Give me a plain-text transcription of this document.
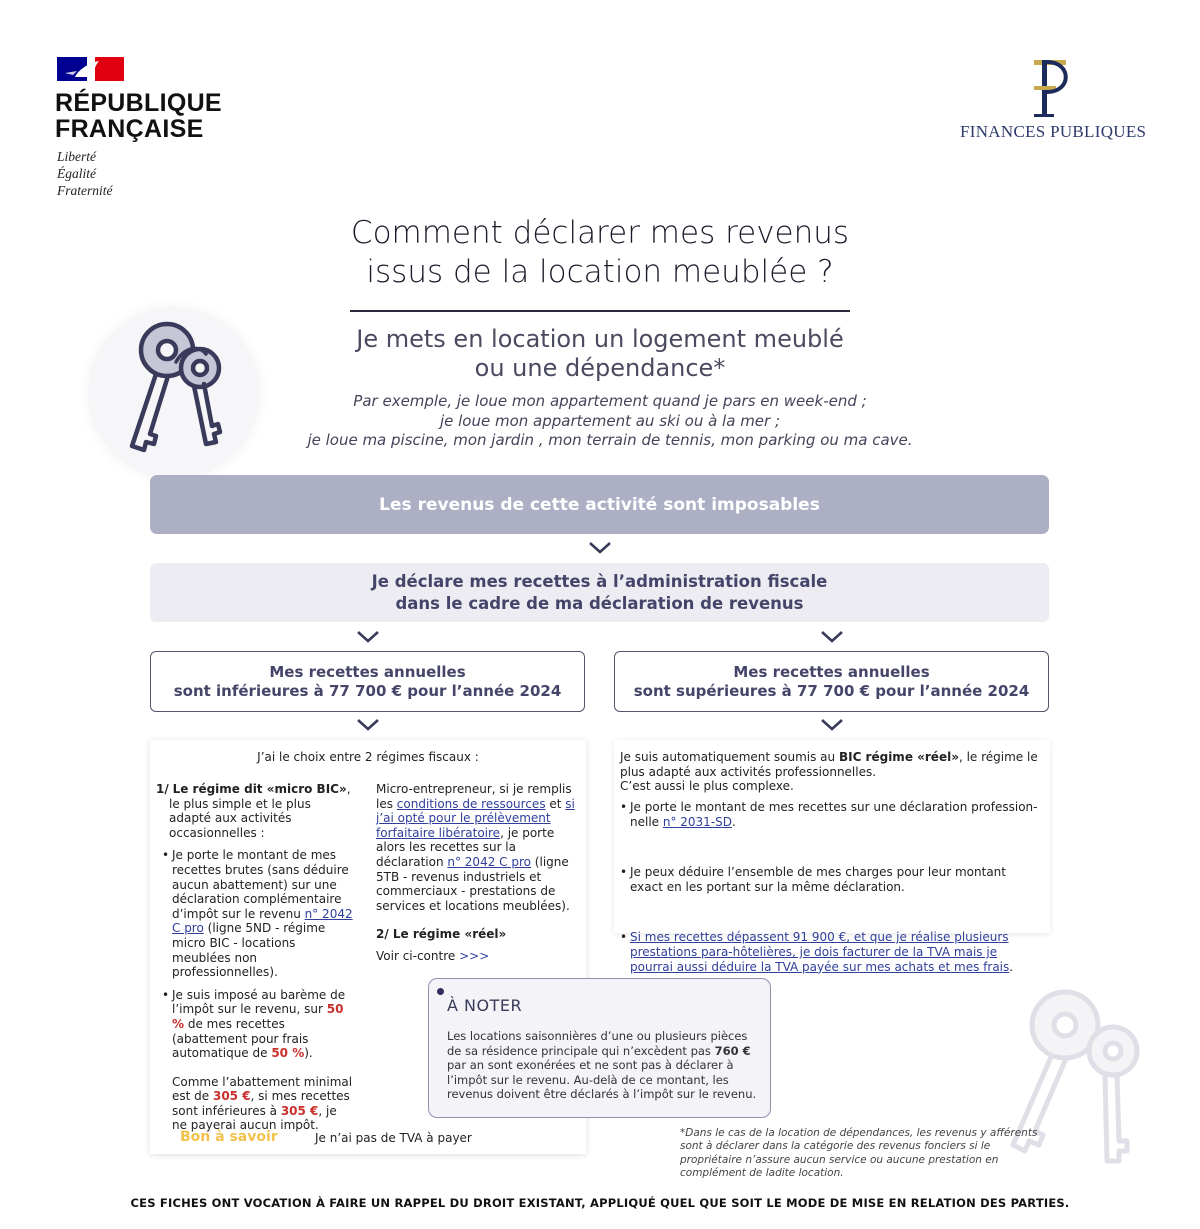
RÉPUBLIQUE
FRANÇAISE
Liberté
Égalité
Fraternité
FINANCES PUBLIQUES
Comment déclarer mes revenus
issus de la location meublée ?
Je mets en location un logement meublé
ou une dépendance*
Par exemple, je loue mon appartement quand je pars en week-end ;
je loue mon appartement au ski ou à la mer ;
je loue ma piscine, mon jardin , mon terrain de tennis, mon parking ou ma cave.
Les revenus de cette activité sont imposables
Je déclare mes recettes à l’administration fiscale
dans le cadre de ma déclaration de revenus
Mes recettes annuelles
sont inférieures à 77 700 € pour l’année 2024
Mes recettes annuelles
sont supérieures à 77 700 € pour l’année 2024
J’ai le choix entre 2 régimes fiscaux :
1/ Le régime dit «micro BIC», le plus simple et le plus adapté aux activités occasionnelles :
• Je porte le montant de mes recettes brutes (sans déduire aucun abattement) sur une déclaration complémentaire d’impôt sur le revenu n° 2042 C pro (ligne 5ND - régime micro BIC - locations meublées non professionnelles).
• Je suis imposé au barème de l’impôt sur le revenu, sur 50 % de mes recettes (abattement pour frais automatique de 50 %).
Comme l’abattement minimal est de 305 €, si mes recettes sont inférieures à 305 €, je ne payerai aucun impôt.
Micro-entrepreneur, si je remplis les conditions de ressources et si j’ai opté pour le prélèvement forfaitaire libératoire, je porte alors les recettes sur la déclaration n° 2042 C pro (ligne 5TB - revenus industriels et commerciaux - prestations de services et locations meublées).
2/ Le régime «réel»
Voir ci-contre >>>
Bon à savoir	Je n’ai pas de TVA à payer
Je suis automatiquement soumis au BIC régime «réel», le régime le plus adapté aux activités professionnelles.
C’est aussi le plus complexe.
• Je porte le montant de mes recettes sur une déclaration profession-nelle n° 2031-SD.
• Je peux déduire l’ensemble de mes charges pour leur montant exact en les portant sur la même déclaration.
• Si mes recettes dépassent 91 900 €, et que je réalise plusieurs prestations para-hôtelières, je dois facturer de la TVA mais je pourrai aussi déduire la TVA payée sur mes achats et mes frais.
À NOTER
Les locations saisonnières d’une ou plusieurs pièces de sa résidence principale qui n’excèdent pas 760 € par an sont exonérées et ne sont pas à déclarer à l’impôt sur le revenu. Au-delà de ce montant, les revenus doivent être déclarés à l’impôt sur le revenu.
*Dans le cas de la location de dépendances, les revenus y afférents sont à déclarer dans la catégorie des revenus fonciers si le propriétaire n’assure aucun service ou aucune prestation en complément de ladite location.
CES FICHES ONT VOCATION À FAIRE UN RAPPEL DU DROIT EXISTANT, APPLIQUÉ QUEL QUE SOIT LE MODE DE MISE EN RELATION DES PARTIES.
